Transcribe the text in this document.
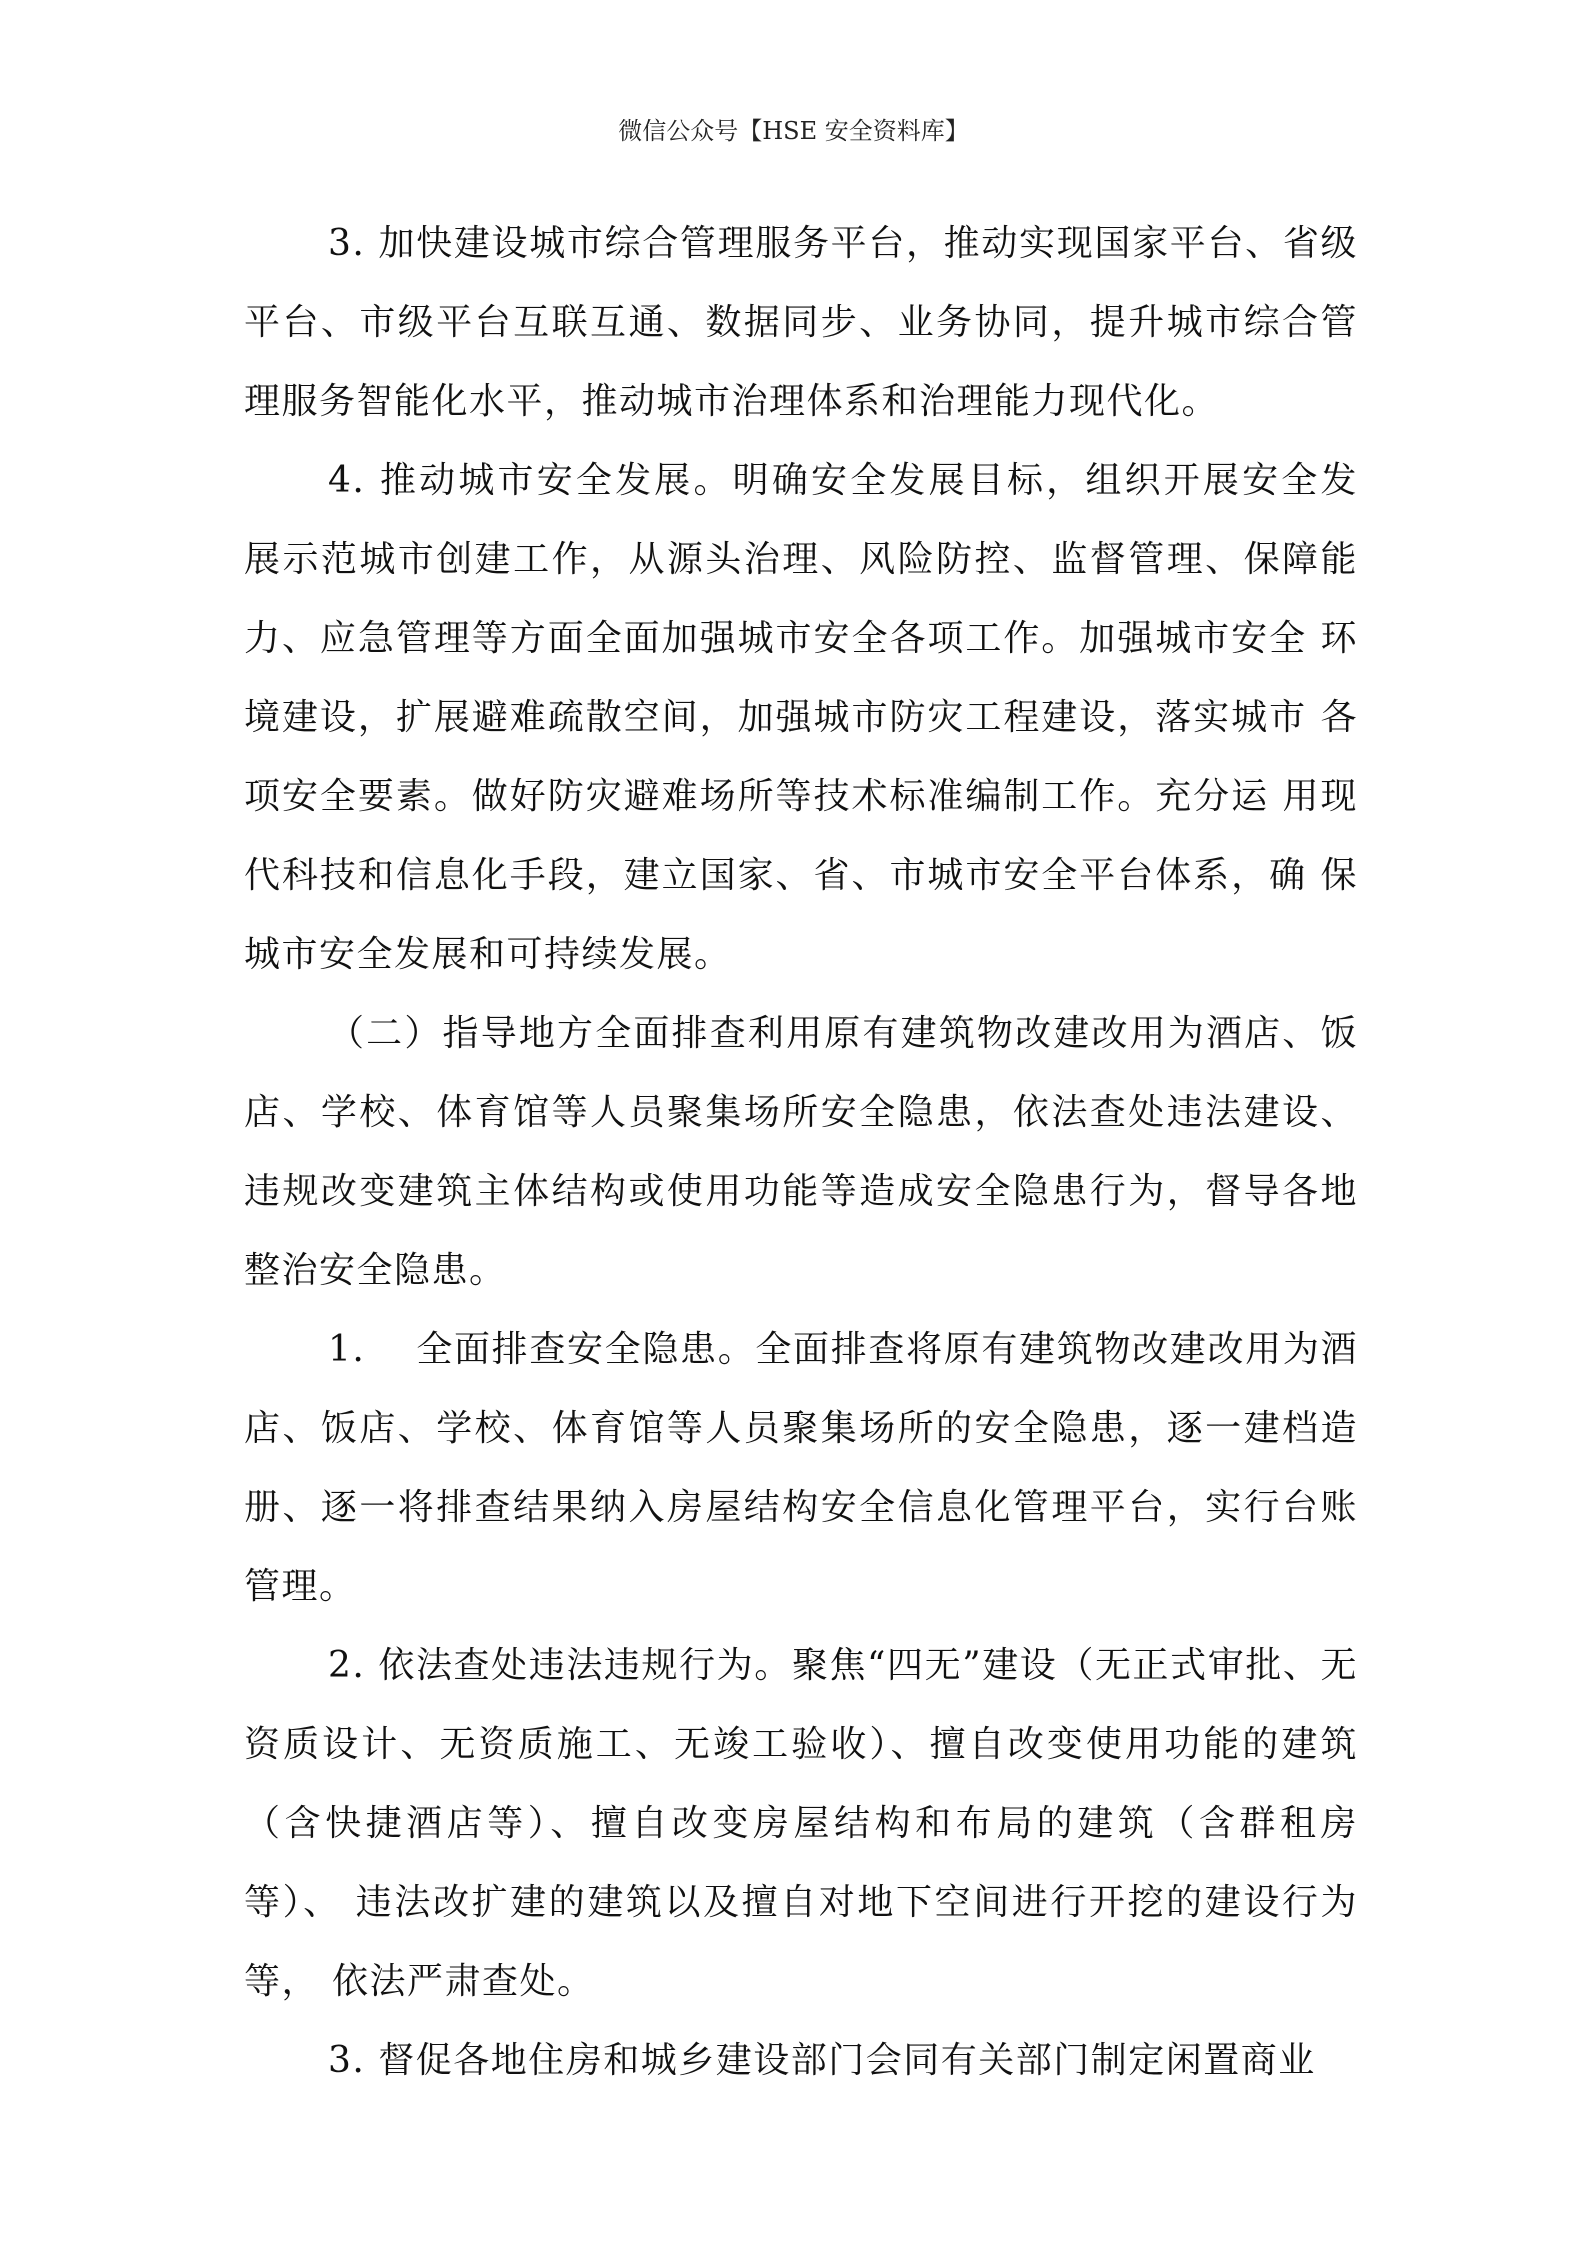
微信公众号【HSE 安全资料库】

3. 加快建设城市综合管理服务平台，推动实现国家平台、省级平台、市级平台互联互通、数据同步、业务协同，提升城市综合管理服务智能化水平，推动城市治理体系和治理能力现代化。

4. 推动城市安全发展。明确安全发展目标，组织开展安全发 展示范城市创建工作，从源头治理、风险防控、监督管理、保障能 力、应急管理等方面全面加强城市安全各项工作。加强城市安全 环境建设，扩展避难疏散空间，加强城市防灾工程建设，落实城市 各项安全要素。做好防灾避难场所等技术标准编制工作。充分运 用现代科技和信息化手段，建立国家、省、市城市安全平台体系，确 保城市安全发展和可持续发展。

（二）指导地方全面排查利用原有建筑物改建改用为酒店、饭店、学校、体育馆等人员聚集场所安全隐患，依法查处违法建设、违规改变建筑主体结构或使用功能等造成安全隐患行为，督导各地 整治安全隐患。

1.　 全面排查安全隐患。全面排查将原有建筑物改建改用为酒店、饭店、学校、体育馆等人员聚集场所的安全隐患，逐一建档造 册、逐一将排查结果纳入房屋结构安全信息化管理平台，实行台账 管理。

2. 依法查处违法违规行为。聚焦“四无”建设（无正式审批、无资质设计、无资质施工、无竣工验收）、擅自改变使用功能的建筑 （含快捷酒店等）、擅自改变房屋结构和布局的建筑（含群租房等）、 违法改扩建的建筑以及擅自对地下空间进行开挖的建设行为等， 依法严肃查处。

3. 督促各地住房和城乡建设部门会同有关部门制定闲置商业
